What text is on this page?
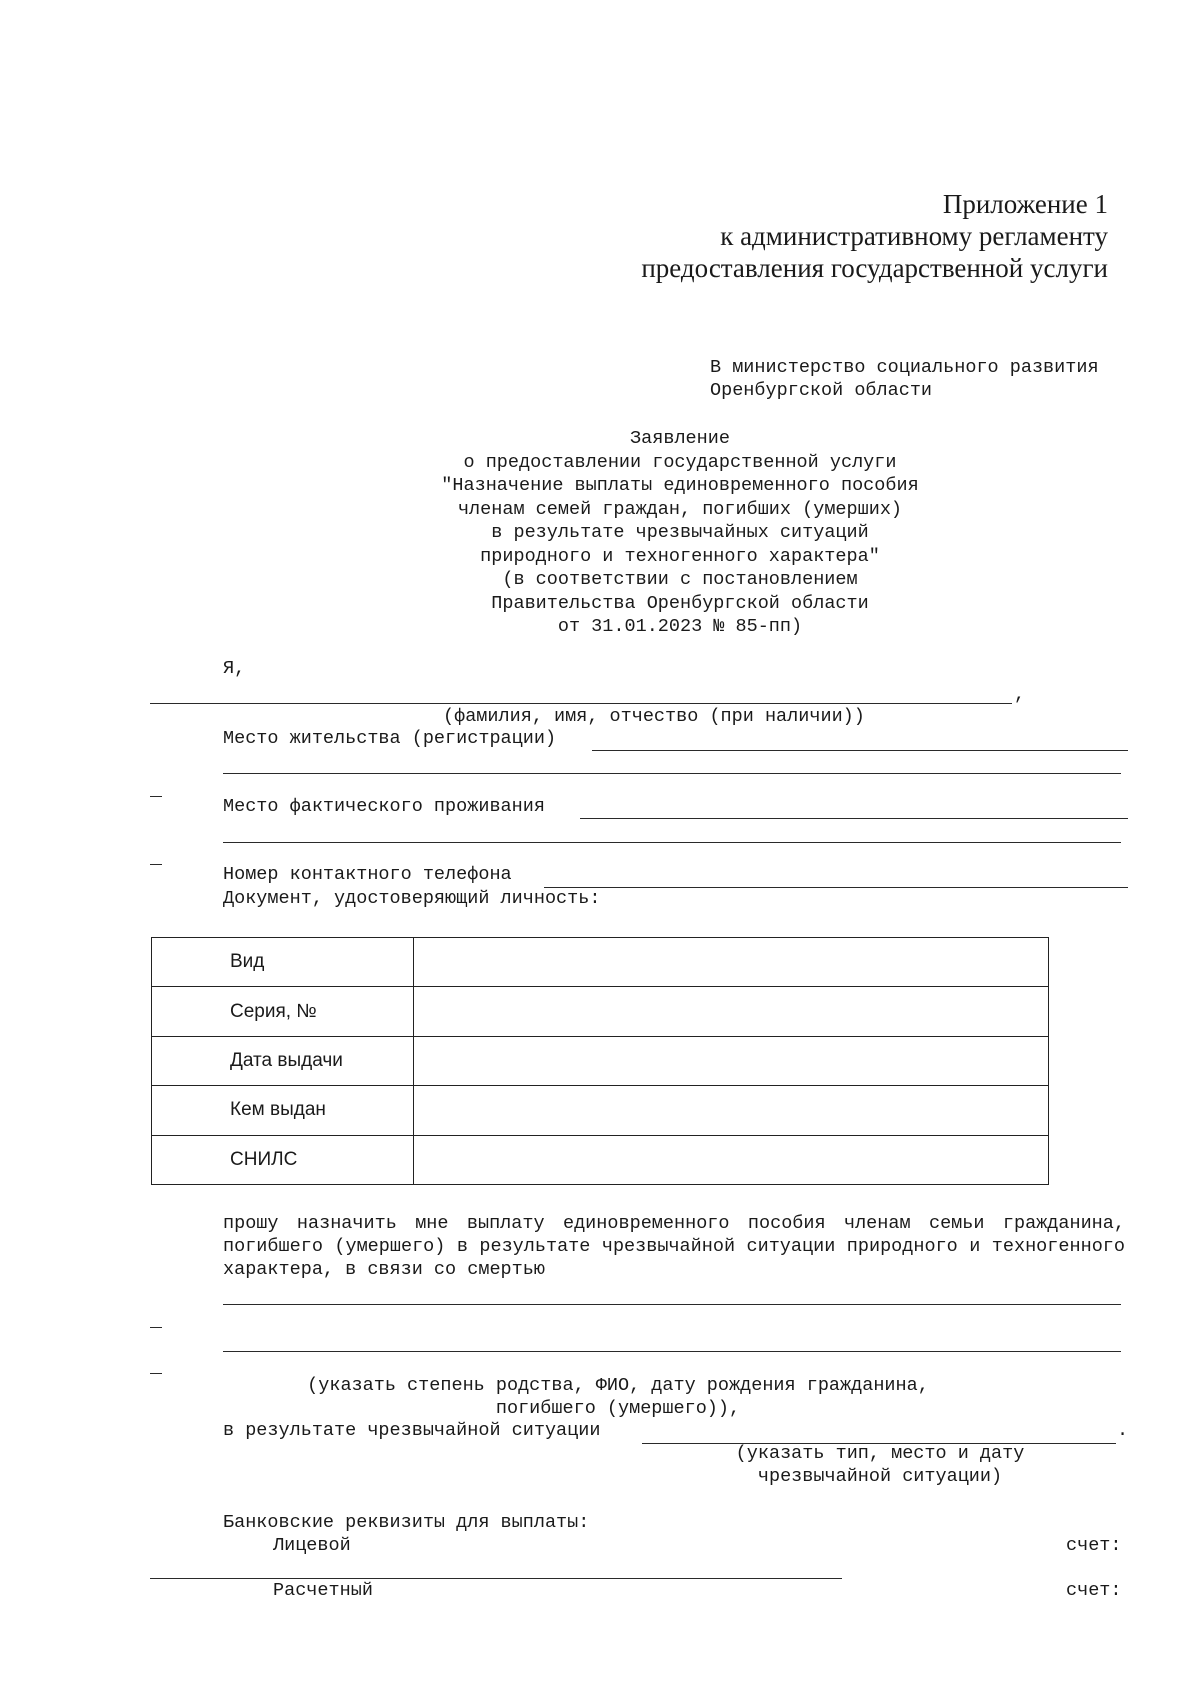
Приложение 1
к административному регламенту
предоставления государственной услуги
В министерство социального развития
Оренбургской области
Заявление
о предоставлении государственной услуги
"Назначение выплаты единовременного пособия
членам семей граждан, погибших (умерших)
в результате чрезвычайных ситуаций
природного и техногенного характера"
(в соответствии с постановлением
Правительства Оренбургской области
от 31.01.2023 № 85-пп)
Я,
,
(фамилия, имя, отчество (при наличии))
Место жительства (регистрации)
Место фактического проживания
Номер контактного телефона
Документ, удостоверяющий личность:
Вид	
Серия, №	
Дата выдачи	
Кем выдан	
СНИЛС	
прошу назначить мне выплату единовременного пособия членам семьи гражданина, погибшего (умершего) в результате чрезвычайной ситуации природного и техногенного характера, в связи со смертью
(указать степень родства, ФИО, дату рождения гражданина,
погибшего (умершего)),
в результате чрезвычайной ситуации	.
(указать тип, место и дату
чрезвычайной ситуации)
Банковские реквизиты для выплаты:
Лицевой	счет:
Расчетный	счет:
